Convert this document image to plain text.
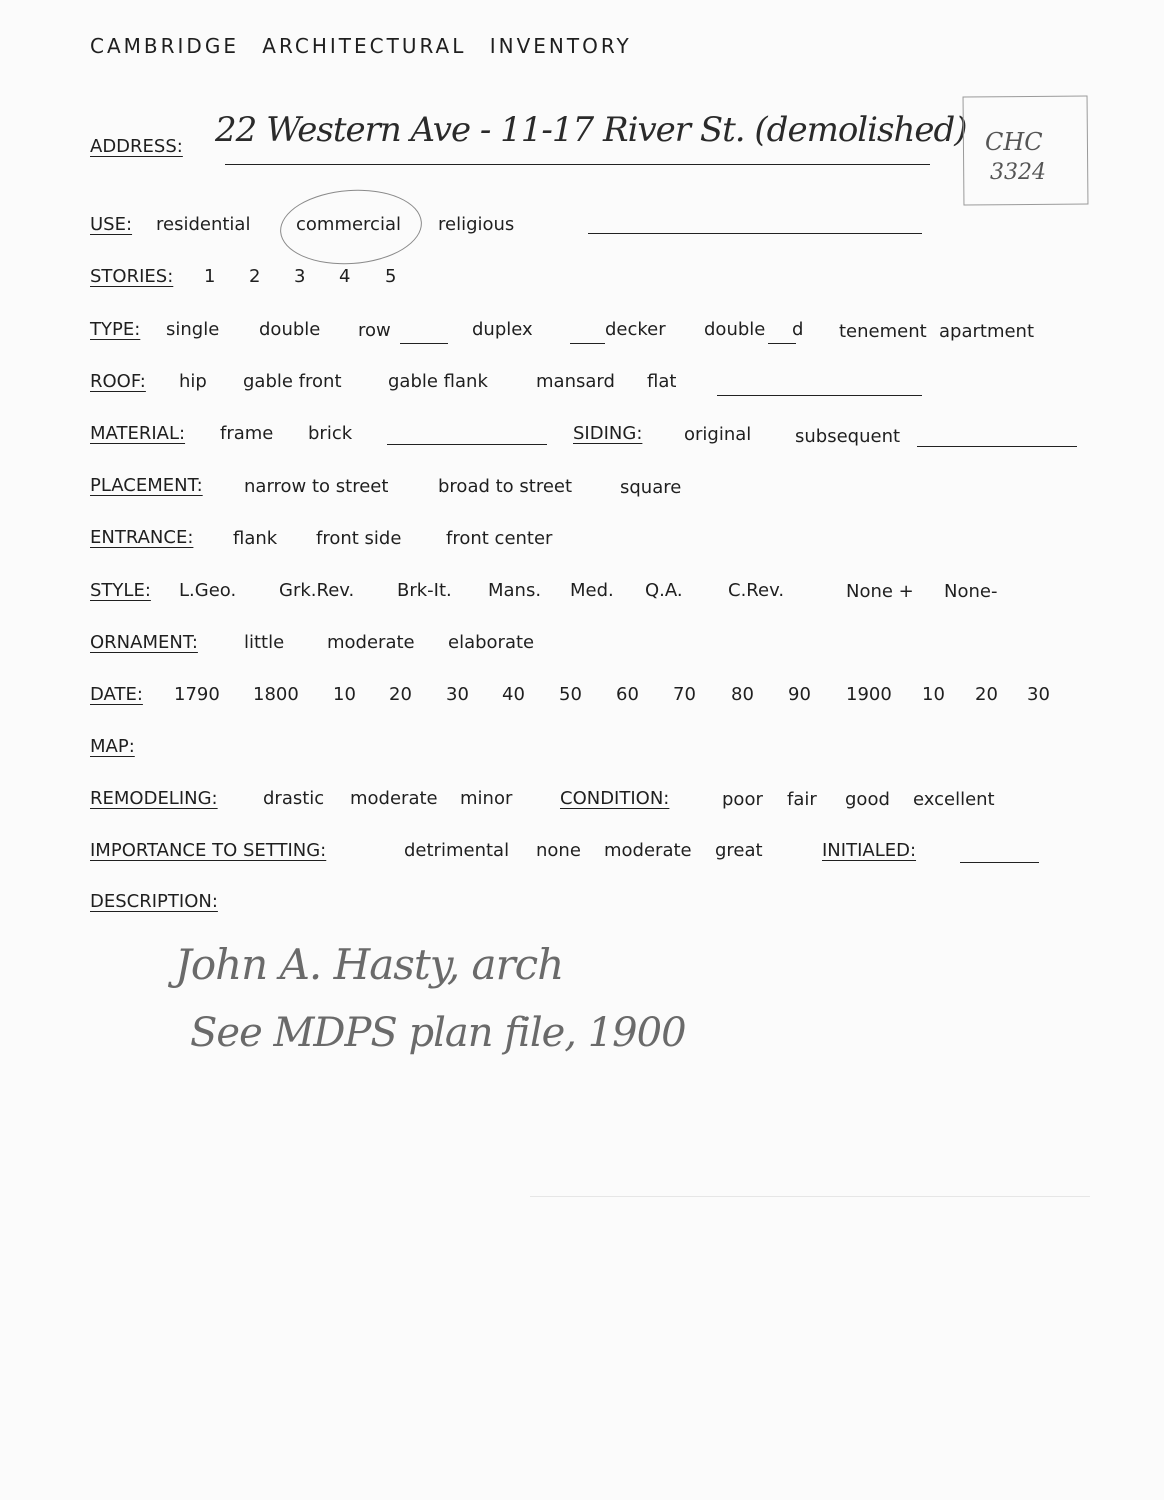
CAMBRIDGE ARCHITECTURAL INVENTORY
ADDRESS: 22 Western Ave - 11-17 River St. (demolished) CHC
3324
USE: residential	commercial religious
STORIES: 1 2 3 4 5
TYPE: single double row	duplex	decker double d tenement apartment
ROOF: hip gable front	gable flank	mansard flat
MATERIAL: frame brick	SIDING: original subsequent
PLACEMENT: narrow to street	broad to street	square
ENTRANCE: flank front side front center
STYLE: L.Geo. Grk.Rev. Brk-It. Mans. Med. Q.A.	C.Rev.	None + None-
ORNAMENT:	little moderate elaborate
DATE: 1790 1800 10 20 30 40 50 60 70 80 90 1900 10 20 30
MAP:
REMODELING:	drastic moderate minor	CONDITION:	poor fair good excellent
IMPORTANCE TO SETTING:	detrimental none moderate great	INITIALED:
DESCRIPTION:
John A. Hasty, arch
See MDPS plan file, 1900
